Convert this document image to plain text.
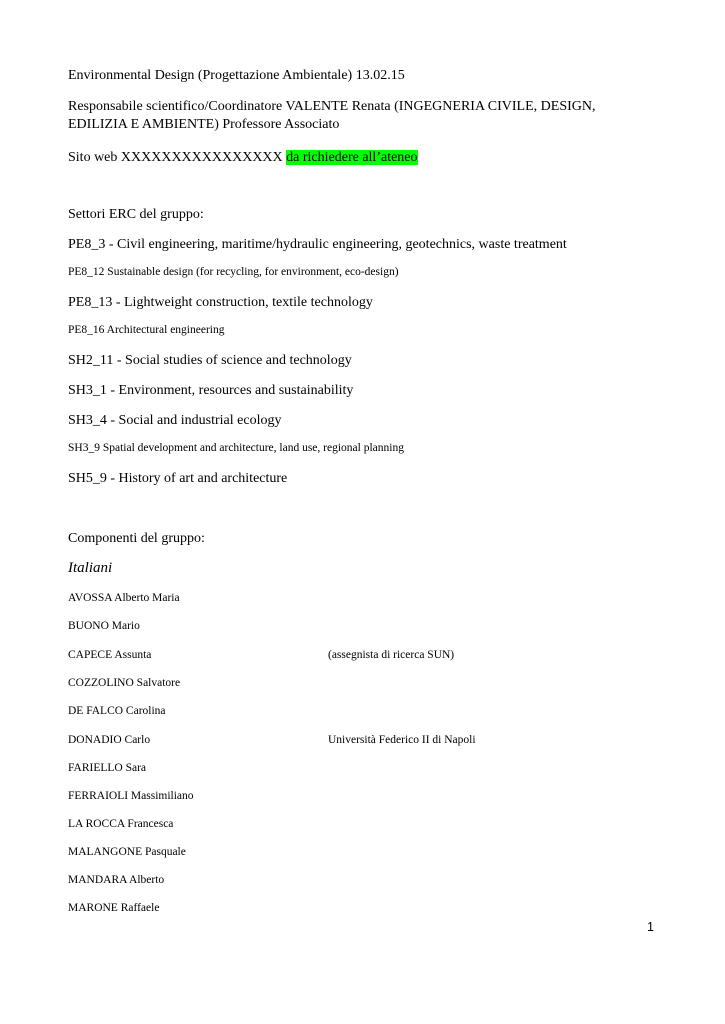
Environmental Design (Progettazione Ambientale) 13.02.15
Responsabile scientifico/Coordinatore VALENTE Renata (INGEGNERIA CIVILE, DESIGN, EDILIZIA E AMBIENTE) Professore Associato
Sito web XXXXXXXXXXXXXXXX da richiedere all’ateneo
Settori ERC del gruppo:
PE8_3 - Civil engineering, maritime/hydraulic engineering, geotechnics, waste treatment
PE8_12 Sustainable design (for recycling, for environment, eco-design)
PE8_13 - Lightweight construction, textile technology
PE8_16 Architectural engineering
SH2_11 - Social studies of science and technology
SH3_1 - Environment, resources and sustainability
SH3_4 - Social and industrial ecology
SH3_9 Spatial development and architecture, land use, regional planning
SH5_9 - History of art and architecture
Componenti del gruppo:
Italiani
AVOSSA Alberto Maria
BUONO Mario
CAPECE Assunta	(assegnista di ricerca SUN)
COZZOLINO Salvatore
DE FALCO Carolina
DONADIO Carlo	Università Federico II di Napoli
FARIELLO Sara
FERRAIOLI Massimiliano
LA ROCCA Francesca
MALANGONE Pasquale
MANDARA Alberto
MARONE Raffaele
1
